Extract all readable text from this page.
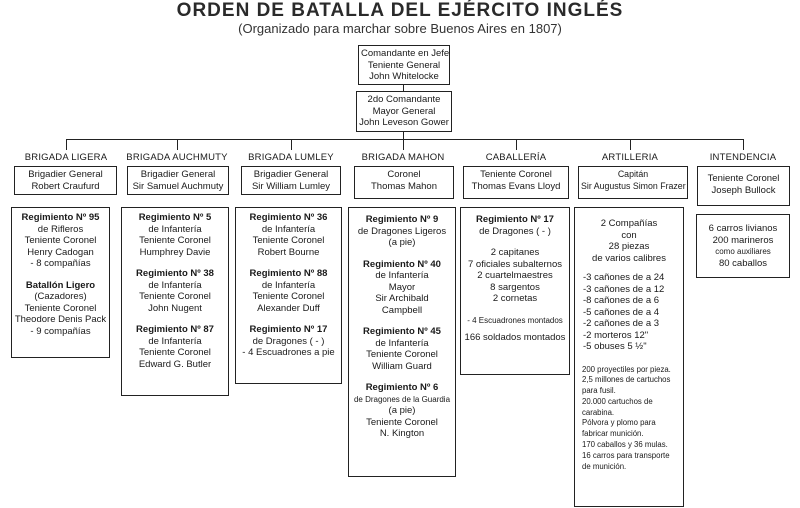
ORDEN DE BATALLA DEL EJÉRCITO INGLÉS
(Organizado para marchar sobre Buenos Aires en 1807)
Comandante en Jefe
Teniente General
John Whitelocke
2do Comandante
Mayor General
John Leveson Gower
BRIGADA LIGERA	BRIGADA AUCHMUTY	BRIGADA LUMLEY	BRIGADA MAHON	CABALLERÍA	ARTILLERIA	INTENDENCIA
Brigadier General
Robert Craufurd
Brigadier General
Sir Samuel Auchmuty
Brigadier General
Sir William Lumley
Coronel
Thomas Mahon
Teniente Coronel
Thomas Evans Lloyd
Capitán
Sir Augustus Simon Frazer
Teniente Coronel
Joseph Bullock
Regimiento Nº 95
de Rifleros
Teniente Coronel
Henry Cadogan
- 8 compañías
Batallón Ligero
(Cazadores)
Teniente Coronel
Theodore Denis Pack
- 9 compañías
Regimiento Nº 5
de Infantería
Teniente Coronel
Humphrey Davie
Regimiento Nº 38
de Infantería
Teniente Coronel
John Nugent
Regimiento Nº 87
de Infantería
Teniente Coronel
Edward G. Butler
Regimiento Nº 36
de Infantería
Teniente Coronel
Robert Bourne
Regimiento Nº 88
de Infantería
Teniente Coronel
Alexander Duff
Regimiento Nº 17
de Dragones ( - )
- 4 Escuadrones a pie
Regimiento Nº 9
de Dragones Ligeros
(a pie)
Regimiento Nº 40
de Infantería
Mayor
Sir Archibald
Campbell
Regimiento Nº 45
de Infantería
Teniente Coronel
William Guard
Regimiento Nº 6
de Dragones de la Guardia
(a pie)
Teniente Coronel
N. Kington
Regimiento Nº 17
de Dragones ( - )
2 capitanes
7 oficiales subalternos
2 cuartelmaestres
8 sargentos
2 cornetas
- 4 Escuadrones montados
166 soldados montados
2 Compañías
con
28 piezas
de varios calibres
-3 cañones de a 24
-3 cañones de a 12
-8 cañones de a 6
-5 cañones de a 4
-2 cañones de a 3
-2 morteros 12"
-5 obuses 5 ½"
200 proyectiles por pieza.
2,5 millones de cartuchos
para fusil.
20.000 cartuchos de
carabina.
Pólvora y plomo para
fabricar munición.
170 caballos y 36 mulas.
16 carros para transporte
de munición.
6 carros livianos
200 marineros
como auxiliares
80 caballos
